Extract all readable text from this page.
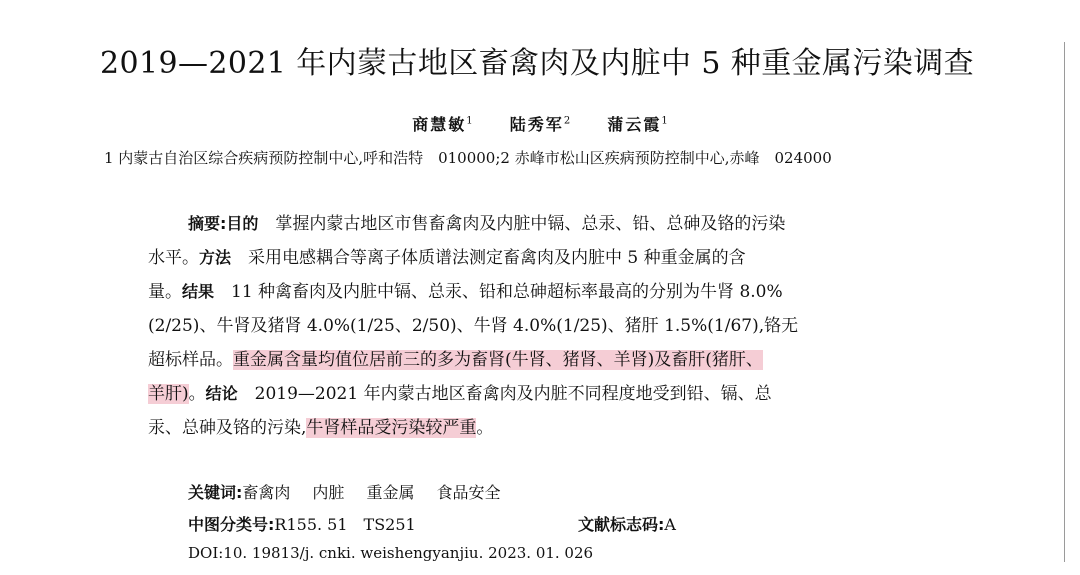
2019—2021 年内蒙古地区畜禽肉及内脏中 5 种重金属污染调查
商慧敏$^1$ 陆秀军$^2$ 蒲云霞$^1$
1 内蒙古自治区综合疾病预防控制中心,呼和浩特　010000;2 赤峰市松山区疾病预防控制中心,赤峰　024000
摘要:目的　 掌握内蒙古地区市售畜禽肉及内脏中镉、总汞、铅、总砷及铬的污染
水平。方法　 采用电感耦合等离子体质谱法测定畜禽肉及内脏中 5 种重金属的含
量。结果　 11 种禽畜肉及内脏中镉、总汞、铅和总砷超标率最高的分别为牛肾 8.0%
(2/25)、牛肾及猪肾 4.0%(1/25、2/50)、牛肾 4.0%(1/25)、猪肝 1.5%(1/67),铬无
超标样品。重金属含量均值位居前三的多为畜肾(牛肾、猪肾、羊肾)及畜肝(猪肝、
羊肝)。结论　 2019—2021 年内蒙古地区畜禽肉及内脏不同程度地受到铅、镉、总
汞、总砷及铬的污染,牛肾样品受污染较严重。
关键词:畜禽肉 内脏 重金属 食品安全
中图分类号:R155. 51　TS251	文献标志码:A
DOI:10. 19813/j. cnki. weishengyanjiu. 2023. 01. 026
